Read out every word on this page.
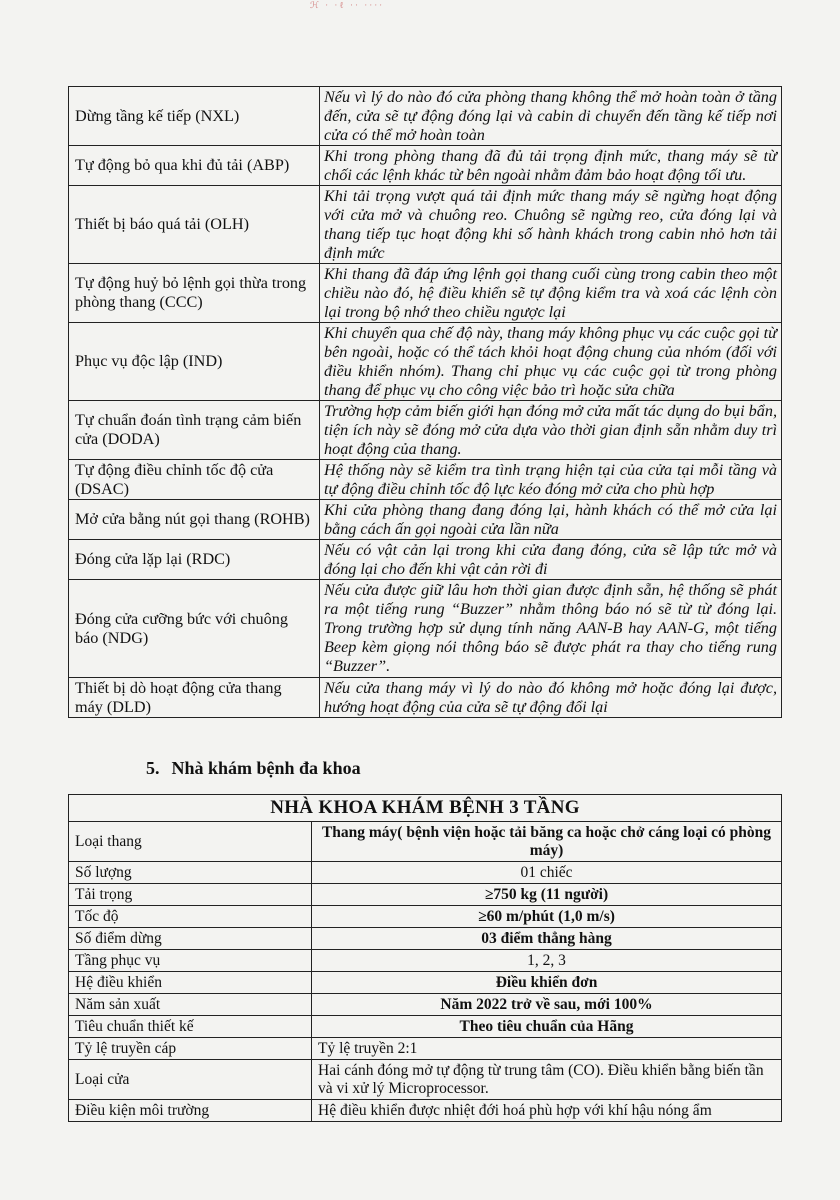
ℋ · ·ℓ ·· ····
Dừng tầng kế tiếp (NXL)	Nếu vì lý do nào đó cửa phòng thang không thể mở hoàn toàn ở tầng đến, cửa sẽ tự động đóng lại và cabin di chuyển đến tầng kế tiếp nơi cửa có thể mở hoàn toàn
Tự động bỏ qua khi đủ tải (ABP)	Khi trong phòng thang đã đủ tải trọng định mức, thang máy sẽ từ chối các lệnh khác từ bên ngoài nhằm đảm bảo hoạt động tối ưu.
Thiết bị báo quá tải (OLH)	Khi tải trọng vượt quá tải định mức thang máy sẽ ngừng hoạt động với cửa mở và chuông reo. Chuông sẽ ngừng reo, cửa đóng lại và thang tiếp tục hoạt động khi số hành khách trong cabin nhỏ hơn tải định mức
Tự động huỷ bỏ lệnh gọi thừa trong phòng thang (CCC)	Khi thang đã đáp ứng lệnh gọi thang cuối cùng trong cabin theo một chiều nào đó, hệ điều khiển sẽ tự động kiểm tra và xoá các lệnh còn lại trong bộ nhớ theo chiều ngược lại
Phục vụ độc lập (IND)	Khi chuyển qua chế độ này, thang máy không phục vụ các cuộc gọi từ bên ngoài, hoặc có thể tách khỏi hoạt động chung của nhóm (đối với điều khiển nhóm). Thang chỉ phục vụ các cuộc gọi từ trong phòng thang để phục vụ cho công việc bảo trì hoặc sửa chữa
Tự chuẩn đoán tình trạng cảm biến cửa (DODA)	Trường hợp cảm biến giới hạn đóng mở cửa mất tác dụng do bụi bẩn, tiện ích này sẽ đóng mở cửa dựa vào thời gian định sẵn nhằm duy trì hoạt động của thang.
Tự động điều chỉnh tốc độ cửa (DSAC)	Hệ thống này sẽ kiểm tra tình trạng hiện tại của cửa tại mỗi tầng và tự động điều chỉnh tốc độ lực kéo đóng mở cửa cho phù hợp
Mở cửa bằng nút gọi thang (ROHB)	Khi cửa phòng thang đang đóng lại, hành khách có thể mở cửa lại bằng cách ấn gọi ngoài cửa lần nữa
Đóng cửa lặp lại (RDC)	Nếu có vật cản lại trong khi cửa đang đóng, cửa sẽ lập tức mở và đóng lại cho đến khi vật cản rời đi
Đóng cửa cưỡng bức với chuông báo (NDG)	Nếu cửa được giữ lâu hơn thời gian được định sẵn, hệ thống sẽ phát ra một tiếng rung “Buzzer” nhằm thông báo nó sẽ từ từ đóng lại. Trong trường hợp sử dụng tính năng AAN-B hay AAN-G, một tiếng Beep kèm giọng nói thông báo sẽ được phát ra thay cho tiếng rung “Buzzer”.
Thiết bị dò hoạt động cửa thang máy (DLD)	Nếu cửa thang máy vì lý do nào đó không mở hoặc đóng lại được, hướng hoạt động của cửa sẽ tự động đổi lại
5. Nhà khám bệnh đa khoa
NHÀ KHOA KHÁM BỆNH 3 TẦNG	
Loại thang	Thang máy( bệnh viện hoặc tải băng ca hoặc chở cáng loại có phòng máy)
Số lượng	01 chiếc
Tải trọng	≥750 kg (11 người)
Tốc độ	≥60 m/phút (1,0 m/s)
Số điểm dừng	03 điểm thẳng hàng
Tầng phục vụ	1, 2, 3
Hệ điều khiển	Điều khiển đơn
Năm sản xuất	Năm 2022 trở về sau, mới 100%
Tiêu chuẩn thiết kế	Theo tiêu chuẩn của Hãng
Tỷ lệ truyền cáp	Tỷ lệ truyền 2:1
Loại cửa	Hai cánh đóng mở tự động từ trung tâm (CO). Điều khiển bằng biến tần và vi xử lý Microprocessor.
Điều kiện môi trường	Hệ điều khiển được nhiệt đới hoá phù hợp với khí hậu nóng ẩm
